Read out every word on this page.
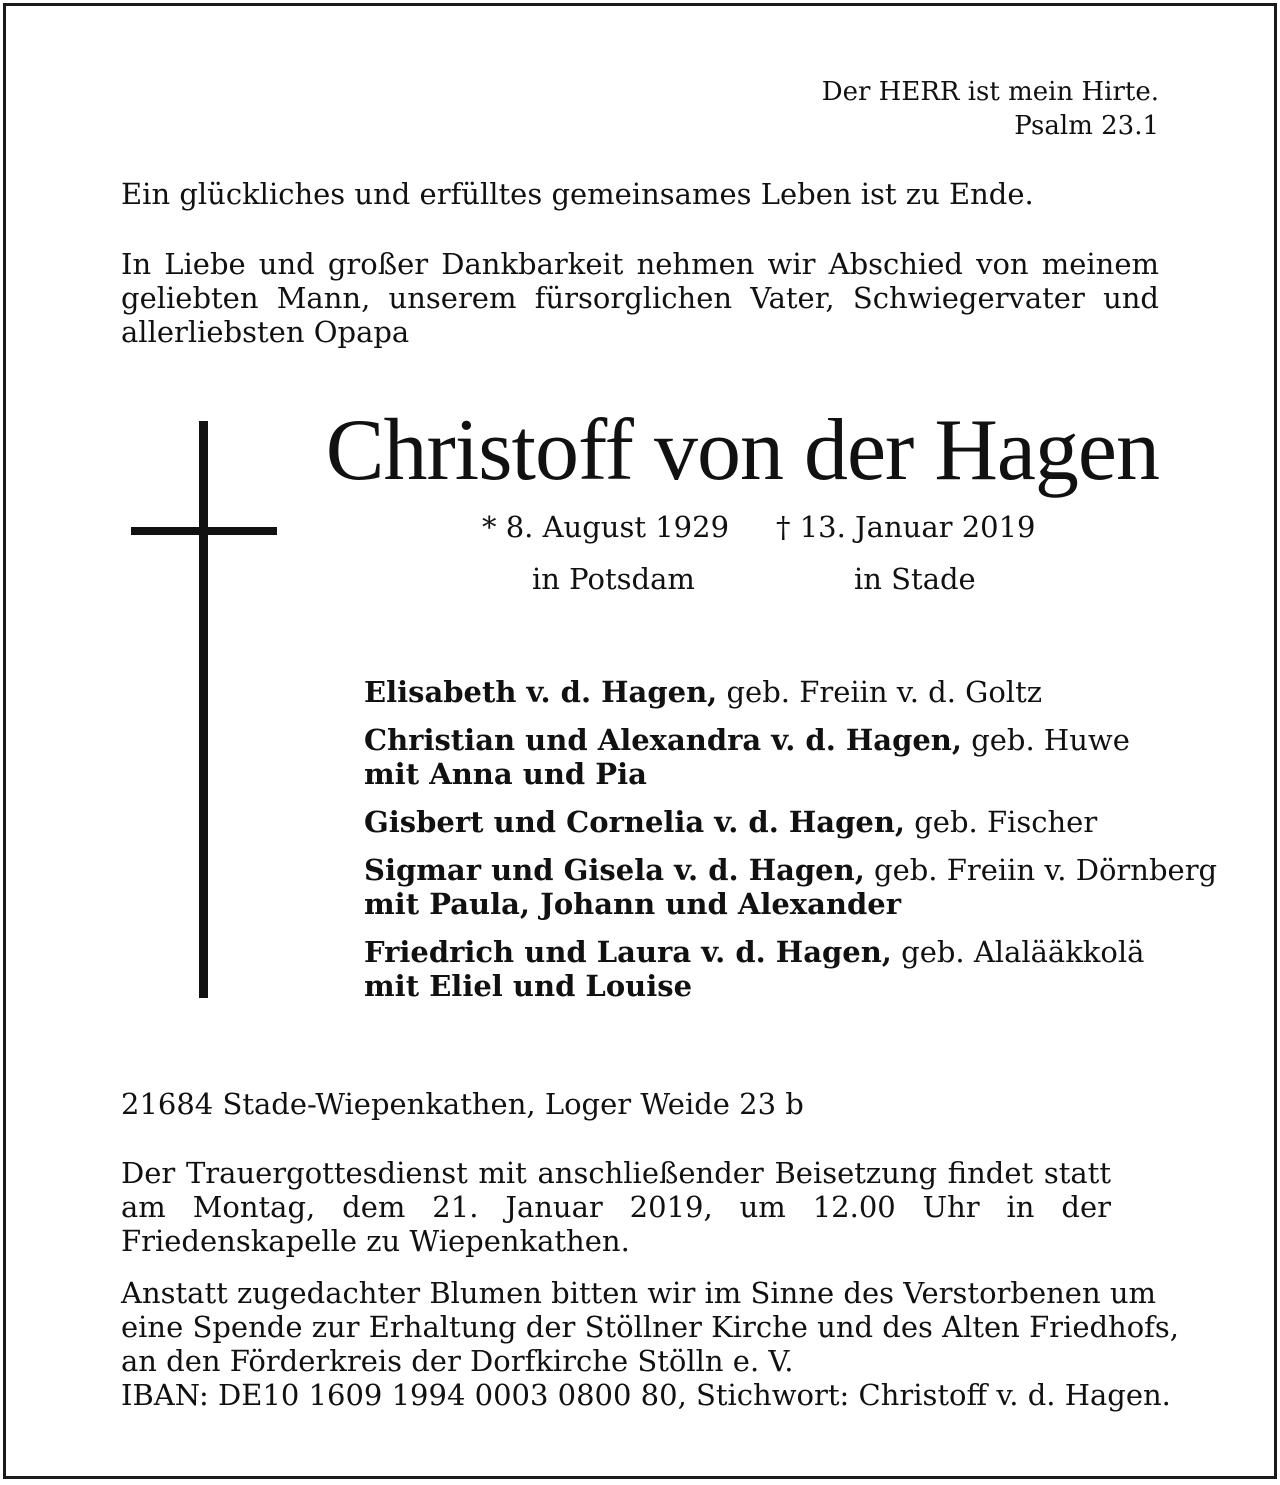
Der HERR ist mein Hirte.
Psalm 23.1
Ein glückliches und erfülltes gemeinsames Leben ist zu Ende.
In Liebe und großer Dankbarkeit nehmen wir Abschied von meinem geliebten Mann, unserem fürsorglichen Vater, Schwiegervater und allerliebsten Opapa
Christoff von der Hagen
* 8. August 1929 † 13. Januar 2019
in Potsdam	in Stade
Elisabeth v. d. Hagen, geb. Freiin v. d. Goltz
Christian und Alexandra v. d. Hagen, geb. Huwe
mit Anna und Pia
Gisbert und Cornelia v. d. Hagen, geb. Fischer
Sigmar und Gisela v. d. Hagen, geb. Freiin v. Dörnberg
mit Paula, Johann und Alexander
Friedrich und Laura v. d. Hagen, geb. Alalääkkolä
mit Eliel und Louise
21684 Stade-Wiepenkathen, Loger Weide 23 b
Der Trauergottesdienst mit anschließender Beisetzung findet statt am Montag, dem 21. Januar 2019, um 12.00 Uhr in der Friedenskapelle zu Wiepenkathen.
Anstatt zugedachter Blumen bitten wir im Sinne des Verstorbenen um
eine Spende zur Erhaltung der Stöllner Kirche und des Alten Friedhofs,
an den Förderkreis der Dorfkirche Stölln e. V.
IBAN: DE10 1609 1994 0003 0800 80, Stichwort: Christoff v. d. Hagen.
